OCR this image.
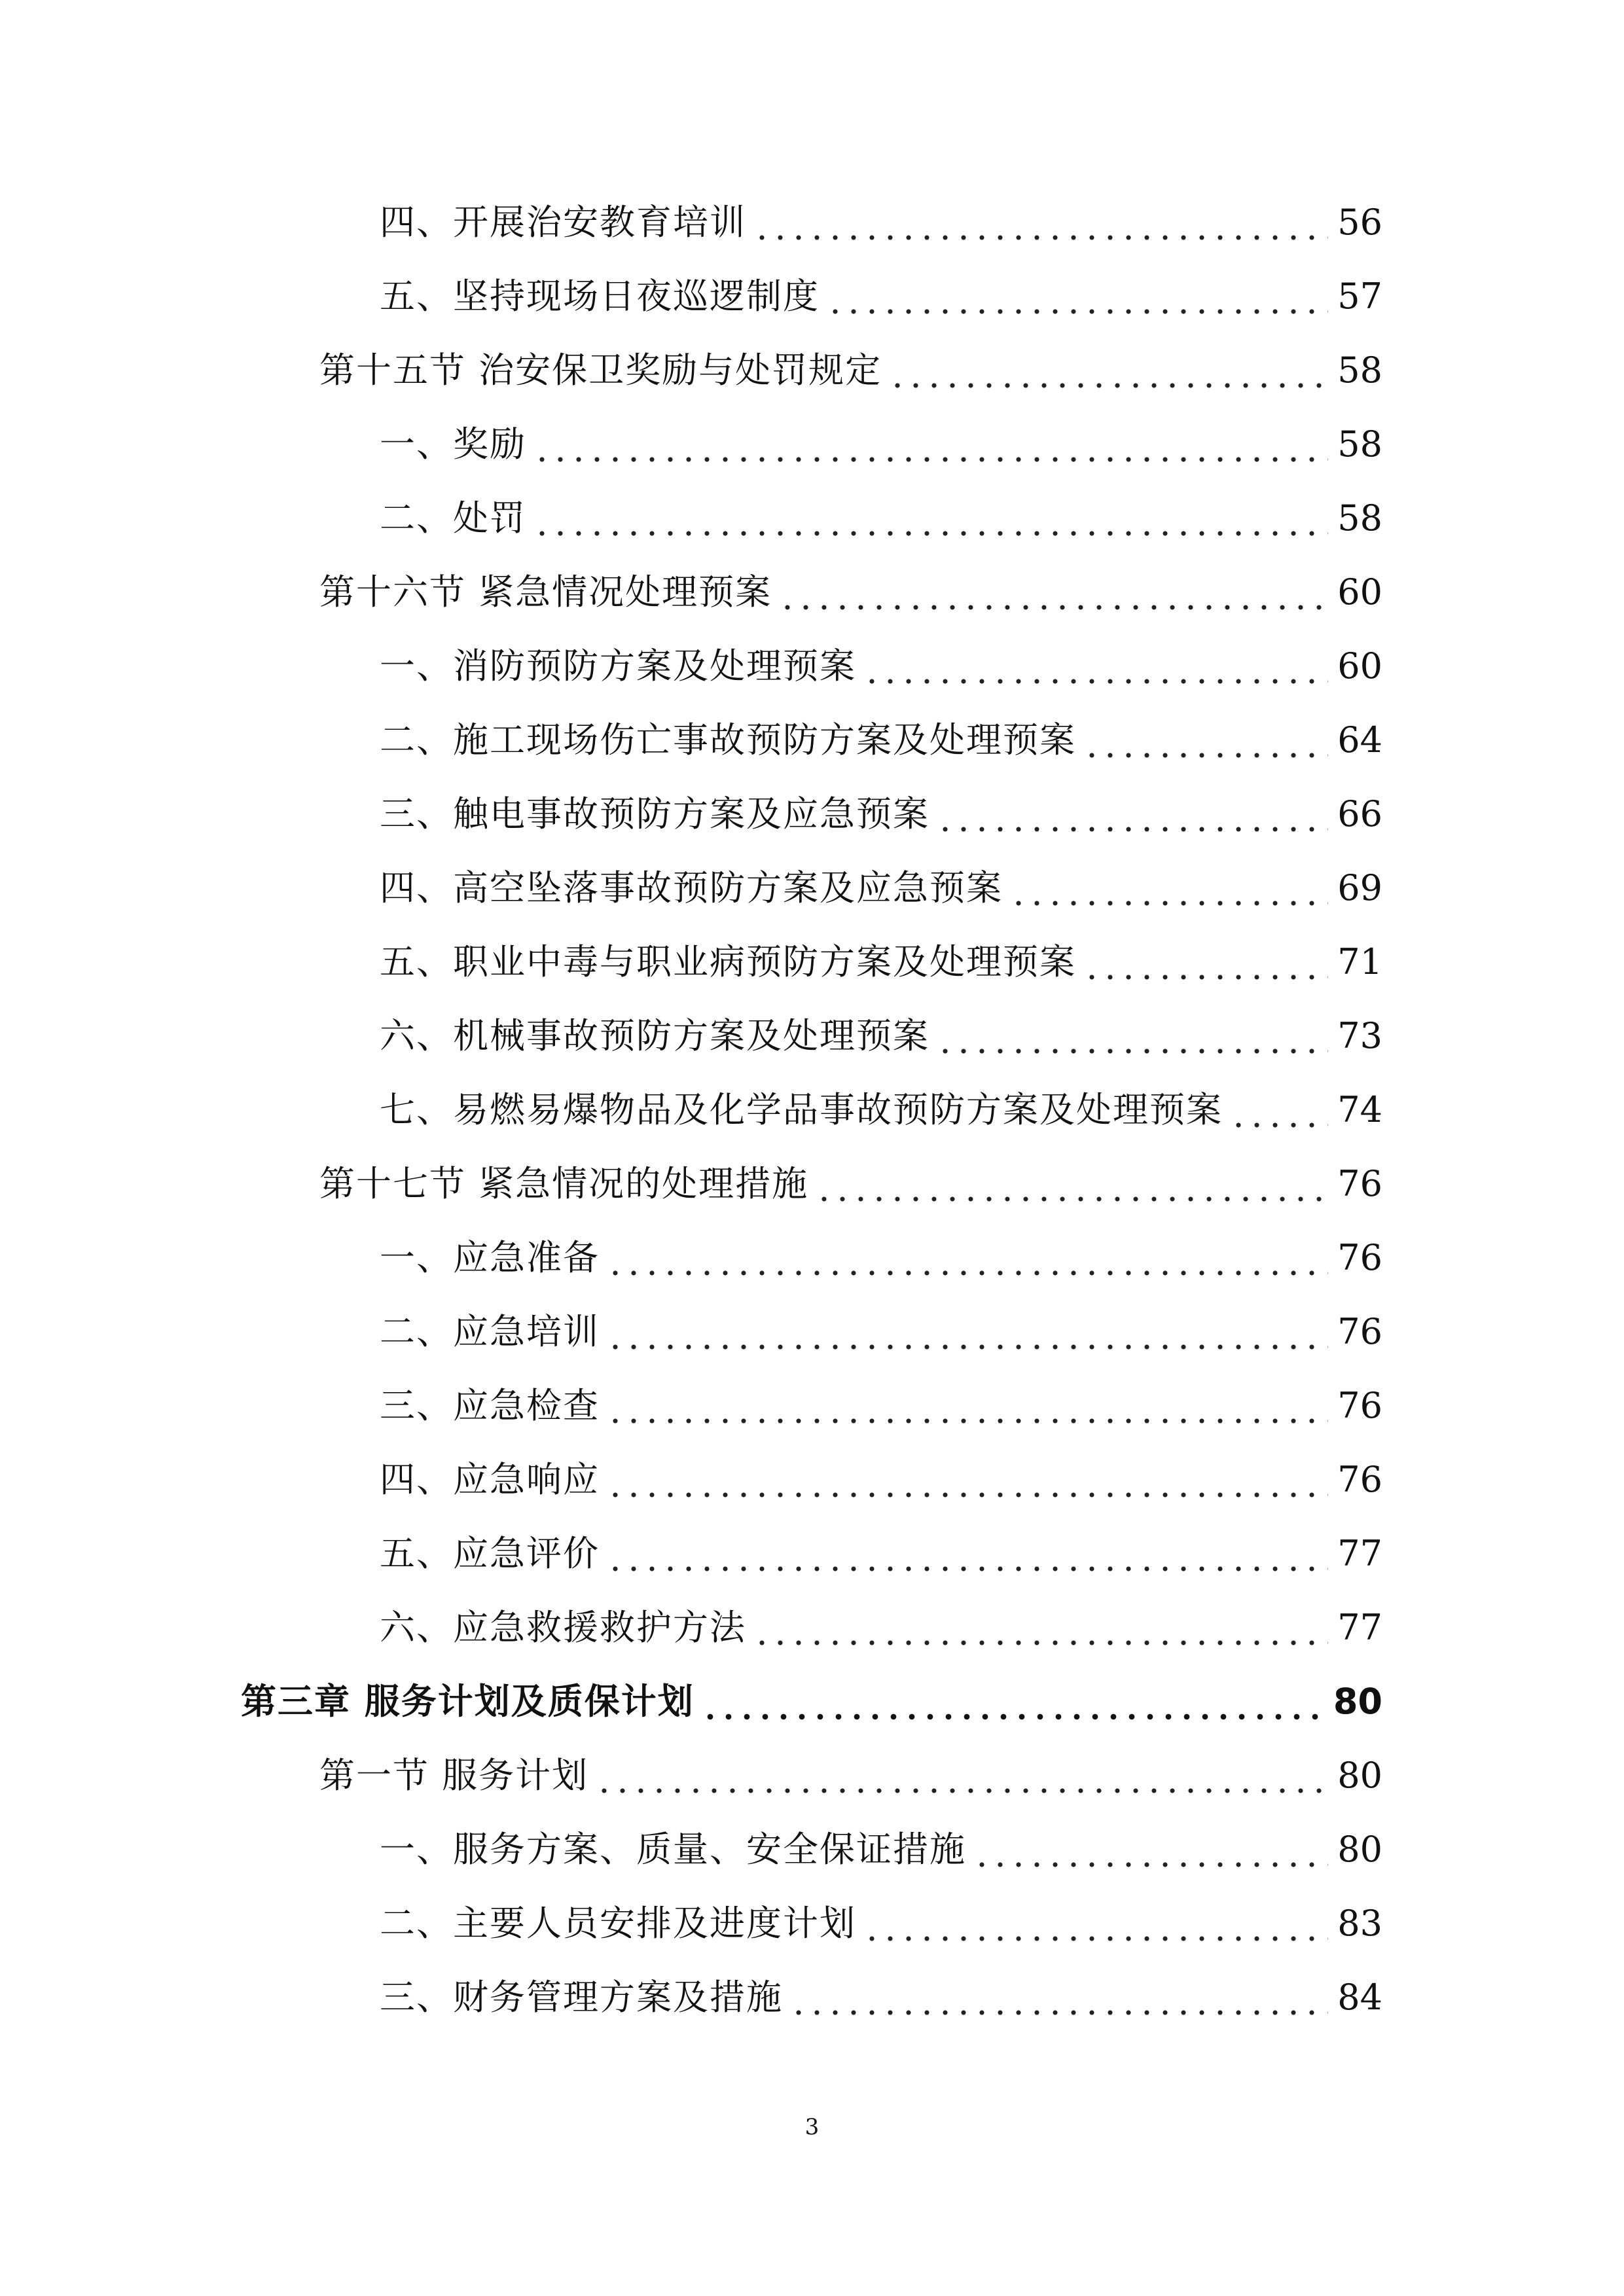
四、开展治安教育培训	56
五、坚持现场日夜巡逻制度	57
第十五节 治安保卫奖励与处罚规定	58
一、奖励	58
二、处罚	58
第十六节 紧急情况处理预案	60
一、消防预防方案及处理预案	60
二、施工现场伤亡事故预防方案及处理预案	64
三、触电事故预防方案及应急预案	66
四、高空坠落事故预防方案及应急预案	69
五、职业中毒与职业病预防方案及处理预案	71
六、机械事故预防方案及处理预案	73
七、易燃易爆物品及化学品事故预防方案及处理预案	74
第十七节 紧急情况的处理措施	76
一、应急准备	76
二、应急培训	76
三、应急检查	76
四、应急响应	76
五、应急评价	77
六、应急救援救护方法	77
第三章 服务计划及质保计划	80
第一节 服务计划	80
一、服务方案、质量、安全保证措施	80
二、主要人员安排及进度计划	83
三、财务管理方案及措施	84
3
